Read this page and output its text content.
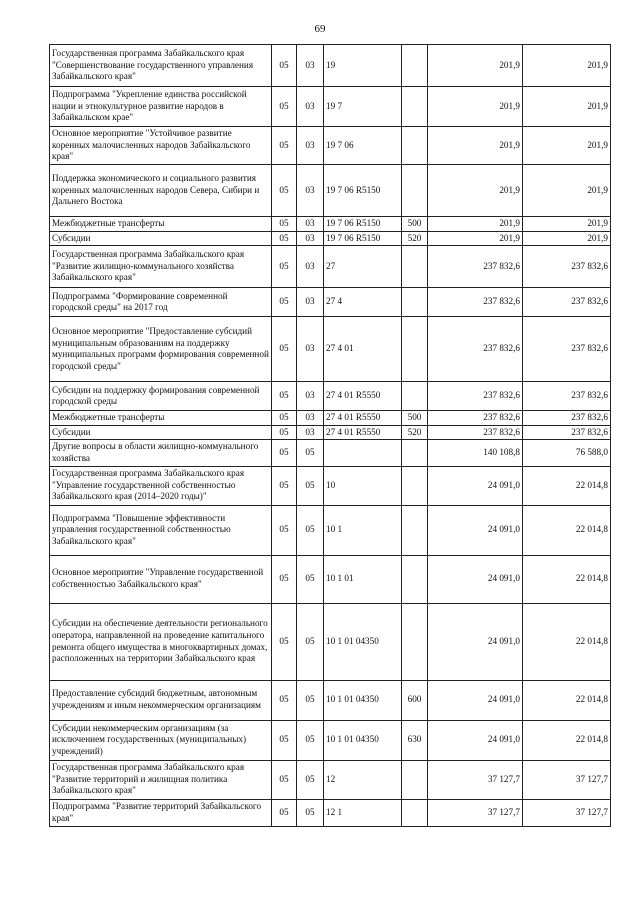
69
Государственная программа Забайкальского края "Совершенствование государственного управления Забайкальского края"	05	03	19		201,9	201,9
Подпрограмма "Укрепление единства российской нации и этнокультурное развитие народов в Забайкальском крае"	05	03	19 7		201,9	201,9
Основное мероприятие "Устойчивое развитие коренных малочисленных народов Забайкальского края"	05	03	19 7 06		201,9	201,9
Поддержка экономического и социального развития коренных малочисленных народов Севера, Сибири и Дальнего Востока	05	03	19 7 06 R5150		201,9	201,9
Межбюджетные трансферты	05	03	19 7 06 R5150	500	201,9	201,9
Субсидии	05	03	19 7 06 R5150	520	201,9	201,9
Государственная программа Забайкальского края "Развитие жилищно-коммунального хозяйства Забайкальского края"	05	03	27		237 832,6	237 832,6
Подпрограмма "Формирование современной городской среды" на 2017 год	05	03	27 4		237 832,6	237 832,6
Основное мероприятие "Предоставление субсидий муниципальным образованиям на поддержку муниципальных программ формирования современной городской среды"	05	03	27 4 01		237 832,6	237 832,6
Субсидии на поддержку формирования современной городской среды	05	03	27 4 01 R5550		237 832,6	237 832,6
Межбюджетные трансферты	05	03	27 4 01 R5550	500	237 832,6	237 832,6
Субсидии	05	03	27 4 01 R5550	520	237 832,6	237 832,6
Другие вопросы в области жилищно-коммунального хозяйства	05	05			140 108,8	76 588,0
Государственная программа Забайкальского края "Управление государственной собственностью Забайкальского края (2014–2020 годы)"	05	05	10		24 091,0	22 014,8
Подпрограмма "Повышение эффективности управления государственной собственностью Забайкальского края"	05	05	10 1		24 091,0	22 014,8
Основное мероприятие "Управление государственной собственностью Забайкальского края"	05	05	10 1 01		24 091,0	22 014,8
Субсидии на обеспечение деятельности регионального оператора, направленной на проведение капитального ремонта общего имущества в многоквартирных домах, расположенных на территории Забайкальского края	05	05	10 1 01 04350		24 091,0	22 014,8
Предоставление субсидий бюджетным, автономным учреждениям и иным некоммерческим организациям	05	05	10 1 01 04350	600	24 091,0	22 014,8
Субсидии некоммерческим организациям (за исключением государственных (муниципальных) учреждений)	05	05	10 1 01 04350	630	24 091,0	22 014,8
Государственная программа Забайкальского края "Развитие территорий и жилищная политика Забайкальского края"	05	05	12		37 127,7	37 127,7
Подпрограмма "Развитие территорий Забайкальского края"	05	05	12 1		37 127,7	37 127,7
